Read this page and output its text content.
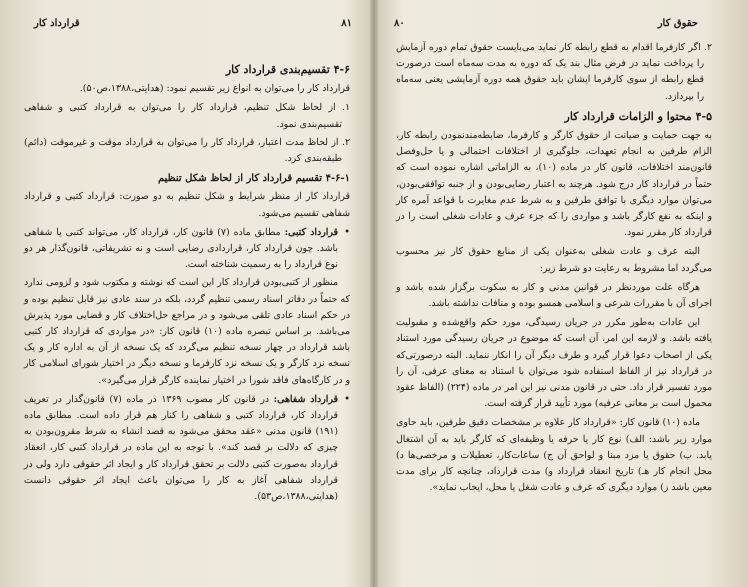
قرارداد کار	۸۱
۴-۶ تقسیم‌بندی قرارداد کار

قرارداد کار را می‌توان به انواع زیر تقسیم نمود: (هدایتی،۱۳۸۸،ص۵۰).

۱. از لحاظ شکل تنظیم، قرارداد کار را می‌توان به قرارداد کتبی و شفاهی تقسیم‌بندی نمود.

۲. از لحاظ مدت اعتبار، قرارداد کار را می‌توان به قرارداد موقت و غیرموقت (دائم) طبقه‌بندی کرد.

۴-۶-۱ تقسیم قرارداد کار از لحاظ شکل تنظیم

قرارداد کار از منظر شرایط و شکل تنظیم به دو صورت: قرارداد کتبی و قرارداد شفاهی تقسیم می‌شود.

•
قرارداد کتبی: مطابق ماده (۷) قانون کار، قرارداد کار، می‌تواند کتبی یا شفاهی باشد. چون قرارداد کار، قراردادی رضایی است و نه تشریفاتی، قانون‌گذار هر دو نوع قرارداد را به رسمیت شناخته است.

منظور از کتبی‌بودن قرارداد کار این است که نوشته و مکتوب شود و لزومی ندارد که حتماً در دفاتر اسناد رسمی تنظیم گردد، بلکه در سند عادی نیز قابل تنظیم بوده و در حکم اسناد عادی تلقی می‌شود و در مراجع حل‌اختلاف کار و قضایی مورد پذیرش می‌باشد. بر اساس تبصره ماده (۱۰) قانون کار: «در مواردی که قرارداد کار کتبی باشد قرارداد در چهار نسخه تنظیم می‌گردد که یک نسخه از آن به اداره کار و یک نسخه نزد کارگر و یک نسخه نزد کارفرما و نسخه دیگر در اختیار شورای اسلامی کار و در کارگاه‌های فاقد شورا در اختیار نماینده کارگر قرار می‌گیرد».

•
قرارداد شفاهی: در قانون کار مصوب ۱۳۶۹ در ماده (۷) قانون‌گذار در تعریف قرارداد کار، قرارداد کتبی و شفاهی را کنار هم قرار داده است. مطابق ماده (۱۹۱) قانون مدنی «عقد محقق می‌شود به قصد انشاء به شرط مقرون‌بودن به چیزی که دلالت بر قصد کند». با توجه به این ماده در قرارداد کتبی کار، انعقاد قرارداد به‌صورت کتبی دلالت بر تحقق قرارداد کار و ایجاد اثر حقوقی دارد ولی در قرارداد شفاهی آغاز به کار را می‌توان باعث ایجاد اثر حقوقی دانست (هدایتی،۱۳۸۸،ص۵۳).

۸۰	حقوق کار

۲. اگر کارفرما اقدام به قطع رابطه کار نماید می‌بایست حقوق تمام دوره آزمایش را پرداخت نماید در فرض مثال بند یک که دوره به مدت سه‌ماه است درصورت قطع رابطه از سوی کارفرما ایشان باید حقوق همه دوره آزمایشی یعنی سه‌ماه را بپردازد.

۴-۵ محتوا و الزامات قرارداد کار

به جهت حمایت و صیانت از حقوق کارگر و کارفرما، ضابطه‌مندنمودن رابطه کار، الزام طرفین به انجام تعهدات، جلوگیری از اختلافات احتمالی و یا حل‌وفصل قانون‌مند اختلافات، قانون کار در ماده (۱۰)، به الزاماتی اشاره نموده است که حتماً در قرارداد کار درج شود. هرچند به اعتبار رضایی‌بودن و از جنبه توافقی‌بودن، می‌توان موارد دیگری با توافق طرفین و به شرط عدم مغایرت با قواعد آمره کار و اینکه به نفع کارگر باشد و مواردی را که جزء عرف و عادات شغلی است را در قرارداد کار مقرر نمود.

البته عرف و عادت شغلی به‌عنوان یکی از منابع حقوق کار نیز محسوب می‌گردد اما مشروط به رعایت دو شرط زیر:

هرگاه علت موردنظر در قوانین مدنی و کار به سکوت برگزار شده باشد و اجرای آن با مقررات شرعی و اسلامی همسو بوده و منافات نداشته باشد.

این عادات به‌طور مکرر در جریان رسیدگی، مورد حکم واقع‌شده و مقبولیت یافته باشد. و لازمه این امر، آن است که موضوع در جریان رسیدگی مورد استناد یکی از اصحاب دعوا قرار گیرد و طرف دیگر آن را انکار ننماید. البته درصورتی‌که در قرارداد نیز از الفاظ استفاده شود می‌توان با استناد به معنای عرفی، آن را مورد تفسیر قرار داد. حتی در قانون مدنی نیز این امر در ماده (۲۲۴) (الفاظ عقود محمول است بر معانی عرفیه) مورد تأیید قرار گرفته است.

ماده (۱۰) قانون کار: «قرارداد کار علاوه بر مشخصات دقیق طرفین، باید حاوی موارد زیر باشد: الف) نوع کار یا حرفه یا وظیفه‌ای که کارگر باید به آن اشتغال یابد. ب) حقوق یا مزد مبنا و لواحق آن ج) ساعات‌کار، تعطیلات و مرخصی‌ها د) محل انجام کار هـ) تاریخ انعقاد قرارداد و) مدت قرارداد، چنانچه کار برای مدت معین باشد ز) موارد دیگری که عرف و عادت شغل یا محل، ایجاب نماید».
